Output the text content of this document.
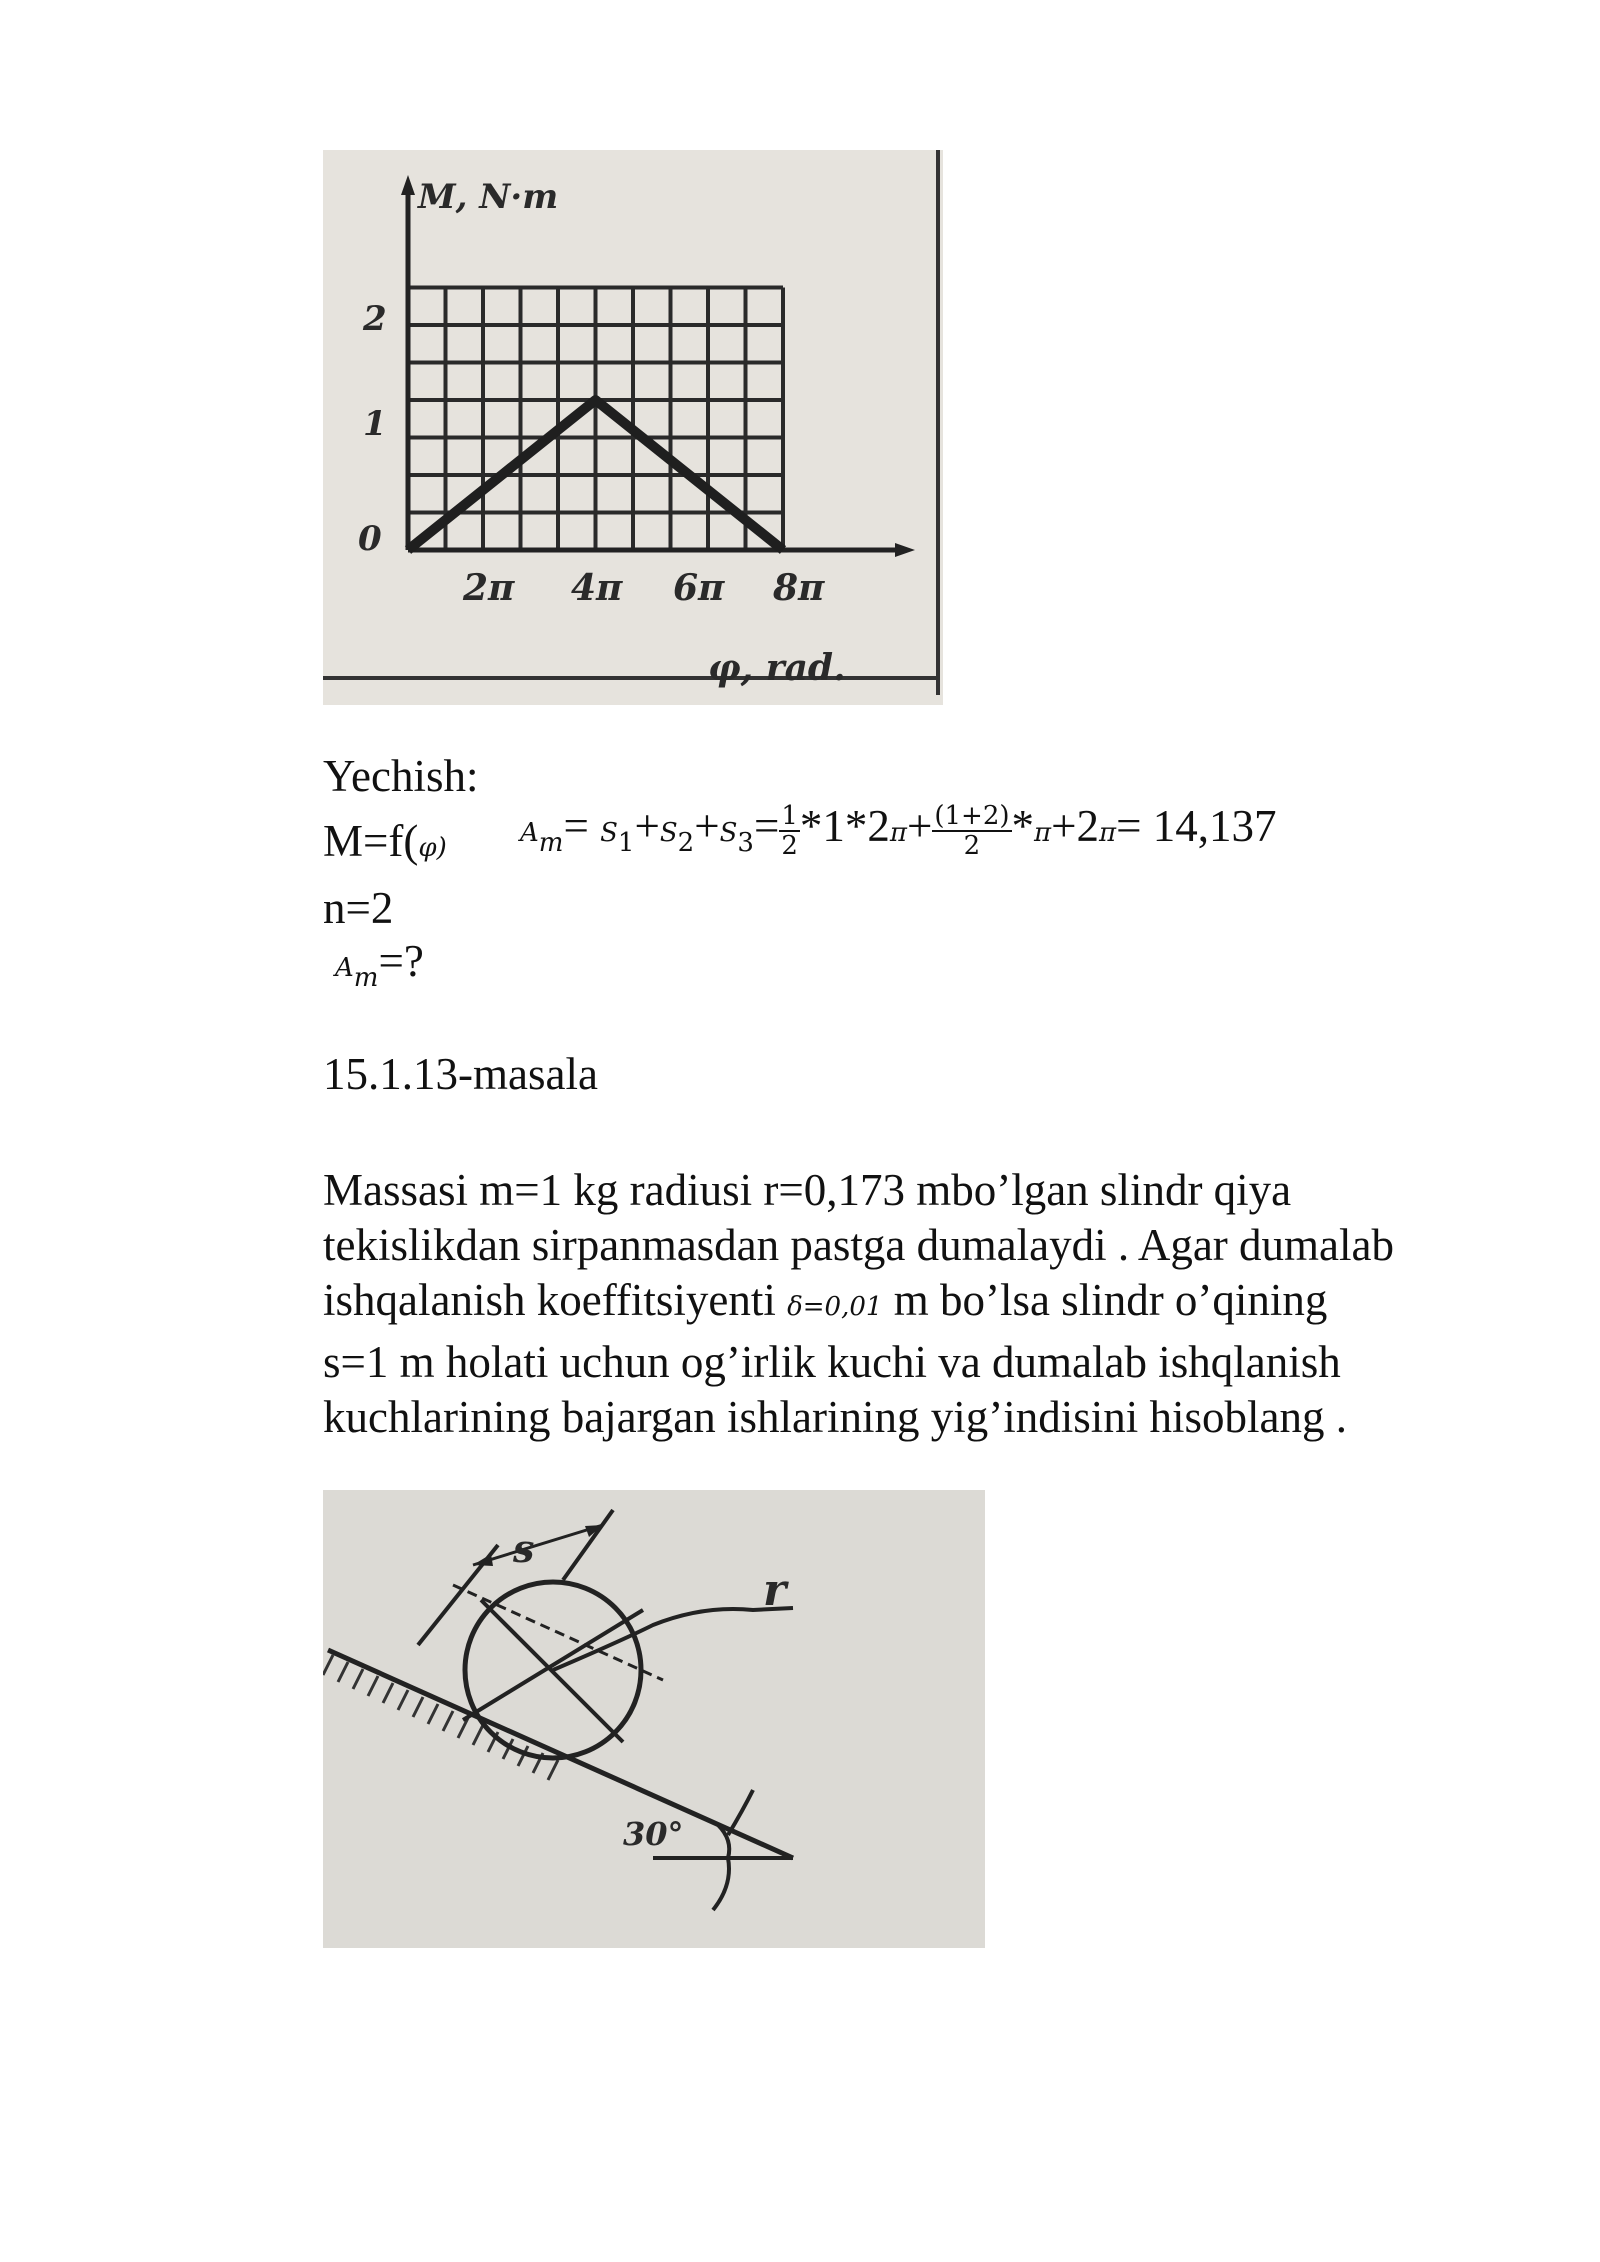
M, N·m
2
1
0
2π 4π 6π 8π
φ, rad.
Yechish:
M=f(φ)	$A_m= S_1+S_2+S_3= \frac{1}{2} *1*2\pi+ \frac{(1+2)}{2} *\pi+2\pi= 14,137$
n=2
$A_m=$?
15.1.13-masala
Massasi m=1 kg radiusi r=0,173 mbo’lgan slindr qiya
tekislikdan sirpanmasdan pastga dumalaydi . Agar dumalab
ishqalanish koeffitsiyenti δ=0,01 m bo’lsa slindr o’qining
s=1 m holati uchun og’irlik kuchi va dumalab ishqlanish
kuchlarining bajargan ishlarining yig’indisini hisoblang .
s
r
30°
